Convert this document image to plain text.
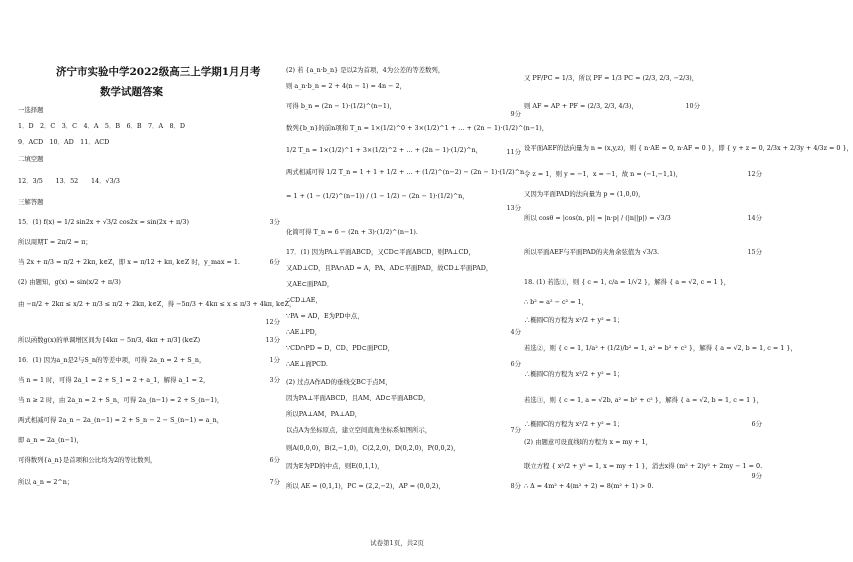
济宁市实验中学2022级高三上学期1月月考
数学试题答案
一选择题
1．D　2．C　3．C　4．A　5．B　6．B　7．A　8．D
9．ACD　10．AD　11．ACD
二填空题
12．3/5　　13．52　　14．√3/3
三解答题
15．(1) f(x) = 1/2 sin2x + √3/2 cos2x = sin(2x + π/3)
所以周期T = 2π/2 = π；
当 2x + π/3 = π/2 + 2kπ, k∈Z，即 x = π/12 + kπ, k∈Z 时，y_max = 1.
(2) 由题知，g(x) = sin(x/2 + π/3)
由 −π/2 + 2kπ ≤ x/2 + π/3 ≤ π/2 + 2kπ, k∈Z，得 −5π/3 + 4kπ ≤ x ≤ π/3 + 4kπ, k∈Z，
所以函数g(x)的单调增区间为 [4kπ − 5π/3, 4kπ + π/3] (k∈Z)
16．(1) 因为a_n是2与S_n的等差中项，可得 2a_n = 2 + S_n，
当 n = 1 时，可得 2a_1 = 2 + S_1 = 2 + a_1，解得 a_1 = 2，
当 n ≥ 2 时，由 2a_n = 2 + S_n，可得 2a_(n−1) = 2 + S_(n−1)，
两式相减可得 2a_n − 2a_(n−1) = 2 + S_n − 2 − S_(n−1) = a_n，
即 a_n = 2a_(n−1)，
可得数列{a_n}是首项和公比均为2的等比数列，
所以 a_n = 2^n；
3分
6分
12分
13分
1分
3分
6分
7分
(2) 若 {a_n·b_n} 是以2为首项，4为公差的等差数列，
则 a_n·b_n = 2 + 4(n − 1) = 4n − 2，
可得 b_n = (2n − 1)·(1/2)^(n−1)，
数列{b_n}的前n项和 T_n = 1×(1/2)^0 + 3×(1/2)^1 + … + (2n − 1)·(1/2)^(n−1)，
1/2 T_n = 1×(1/2)^1 + 3×(1/2)^2 + … + (2n − 1)·(1/2)^n，
两式相减可得 1/2 T_n = 1 + 1 + 1/2 + … + (1/2)^(n−2) − (2n − 1)·(1/2)^n
= 1 + (1 − (1/2)^(n−1)) / (1 − 1/2) − (2n − 1)·(1/2)^n，
化简可得 T_n = 6 − (2n + 3)·(1/2)^(n−1).
17．(1) 因为PA⊥平面ABCD，又CD⊂平面ABCD，则PA⊥CD，
又AD⊥CD，且PA∩AD = A，PA、AD⊂平面PAD，故CD⊥平面PAD，
又AE⊂面PAD，
∴CD⊥AE，
∵PA = AD，E为PD中点，
∴AE⊥PD，
∵CD∩PD = D，CD、PD⊂面PCD，
∴AE⊥面PCD.
(2) 过点A作AD的垂线交BC于点M，
因为PA⊥平面ABCD，且AM、AD⊂平面ABCD，
所以PA⊥AM，PA⊥AD，
以点A为坐标原点，建立空间直角坐标系如图所示，
则A(0,0,0)，B(2,−1,0)，C(2,2,0)，D(0,2,0)，P(0,0,2)，
因为E为PD的中点，则E(0,1,1)，
所以 AE = (0,1,1)，PC = (2,2,−2)，AP = (0,0,2)，
9分
11分
13分
4分
6分
7分
8分
又 PF/PC = 1/3，所以 PF = 1/3 PC = (2/3, 2/3, −2/3)，
则 AF = AP + PF = (2/3, 2/3, 4/3)，
设平面AEF的法向量为 n = (x,y,z)，则 { n·AE = 0, n·AF = 0 }，即 { y + z = 0, 2/3x + 2/3y + 4/3z = 0 }，
令 z = 1，则 y = −1，x = −1，故 n = (−1,−1,1)，
又因为平面PAD的法向量为 p = (1,0,0)，
所以 cosθ = |cos⟨n, p⟩| = |n·p| / (|n||p|) = √3/3
所以平面AEF与平面PAD的夹角余弦值为 √3/3.
18. (1) 若选①，则 { c = 1, c/a = 1/√2 }，解得 { a = √2, c = 1 }，
∴ b² = a² − c² = 1，
∴椭圆C的方程为 x²/2 + y² = 1；
若选②，则 { c = 1, 1/a² + (1/2)/b² = 1, a² = b² + c² }，解得 { a = √2, b = 1, c = 1 }，
∴椭圆C的方程为 x²/2 + y² = 1；
若选③，则 { c = 1, a = √2b, a² = b² + c² }，解得 { a = √2, b = 1, c = 1 }，
∴椭圆C的方程为 x²/2 + y² = 1；
(2) 由题意可设直线l的方程为 x = my + 1，
联立方程 { x²/2 + y² = 1, x = my + 1 }，消去x得 (m² + 2)y² + 2my − 1 = 0.
∴ Δ = 4m² + 4(m² + 2) = 8(m² + 1) > 0.
10分
12分
14分
15分
6分
9分
试卷第1页，共2页
